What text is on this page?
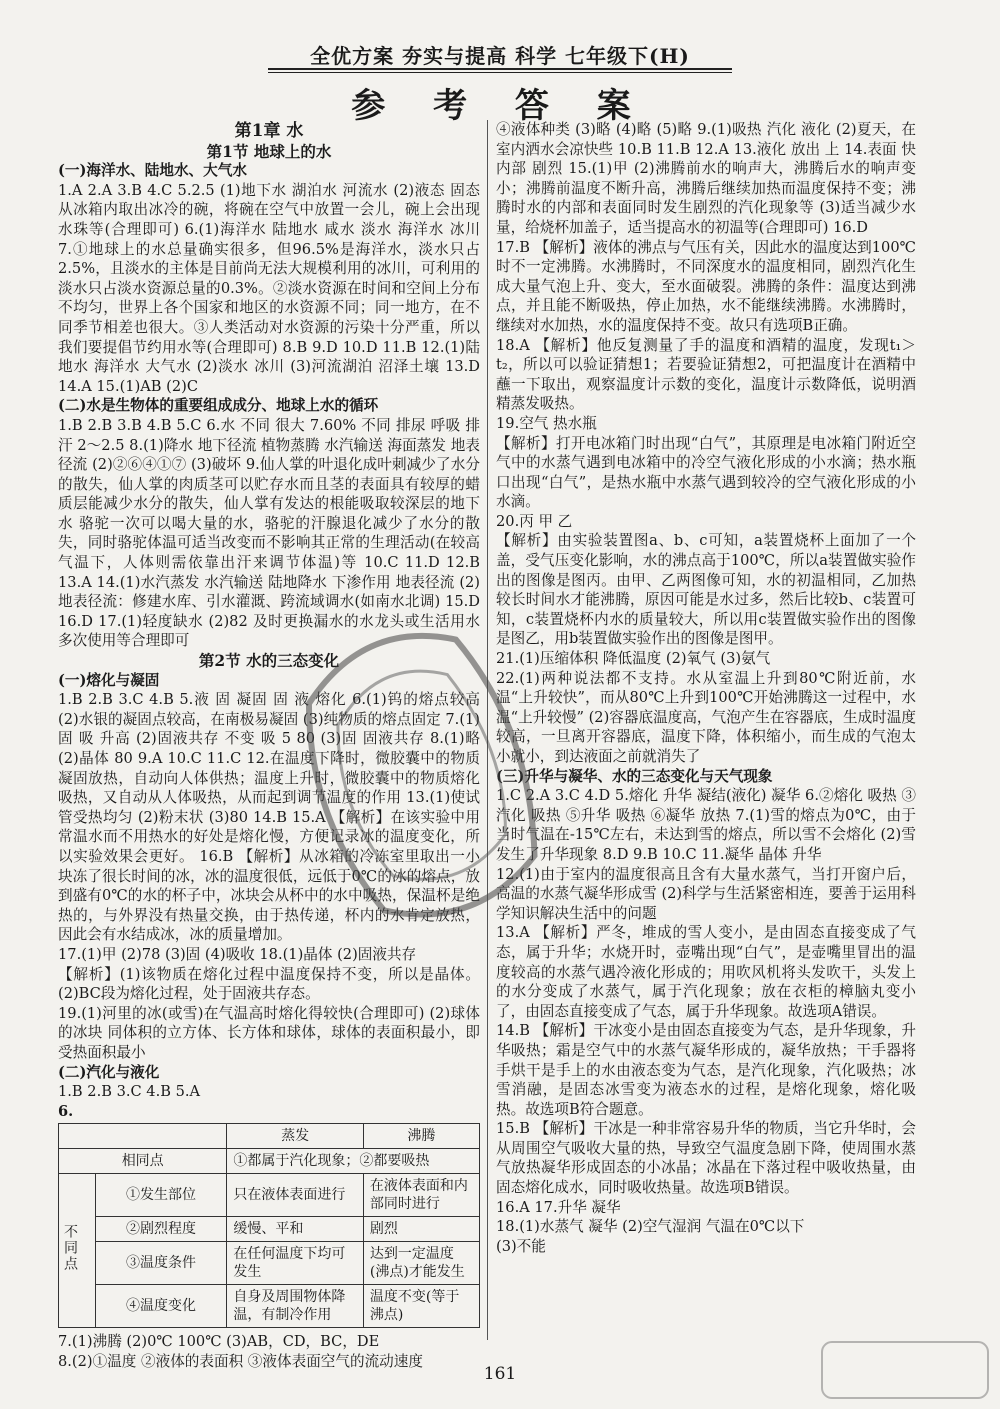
全优方案 夯实与提高 科学 七年级下(H)
参 考 答 案

第1章 水

第1节 地球上的水

(一)海洋水、陆地水、大气水

1.A 2.A 3.B 4.C 5.2.5 (1)地下水 湖泊水 河流水 (2)液态 固态 从冰箱内取出冰冷的碗，将碗在空气中放置一会儿，碗上会出现水珠等(合理即可) 6.(1)海洋水 陆地水 咸水 淡水 海洋水 冰川 7.①地球上的水总量确实很多，但96.5%是海洋水，淡水只占2.5%，且淡水的主体是目前尚无法大规模利用的冰川，可利用的淡水只占淡水资源总量的0.3%。②淡水资源在时间和空间上分布不均匀，世界上各个国家和地区的水资源不同；同一地方，在不同季节相差也很大。③人类活动对水资源的污染十分严重，所以我们要提倡节约用水等(合理即可) 8.B 9.D 10.D 11.B 12.(1)陆地水 海洋水 大气水 (2)淡水 冰川 (3)河流湖泊 沼泽土壤 13.D 14.A 15.(1)AB (2)C

(二)水是生物体的重要组成成分、地球上水的循环

1.B 2.B 3.B 4.B 5.C 6.水 不同 很大 7.60% 不同 排尿 呼吸 排汗 2～2.5 8.(1)降水 地下径流 植物蒸腾 水汽输送 海面蒸发 地表径流 (2)②⑥④①⑦ (3)破坏 9.仙人掌的叶退化成叶刺减少了水分的散失，仙人掌的肉质茎可以贮存水而且茎的表面具有较厚的蜡质层能减少水分的散失，仙人掌有发达的根能吸取较深层的地下水 骆驼一次可以喝大量的水，骆驼的汗腺退化减少了水分的散失，同时骆驼体温可适当改变而不影响其正常的生理活动(在较高气温下，人体则需依靠出汗来调节体温)等 10.C 11.D 12.B 13.A 14.(1)水汽蒸发 水汽输送 陆地降水 下渗作用 地表径流 (2)地表径流：修建水库、引水灌溉、跨流域调水(如南水北调) 15.D 16.D 17.(1)轻度缺水 (2)82 及时更换漏水的水龙头或生活用水多次使用等合理即可

第2节 水的三态变化

(一)熔化与凝固

1.B 2.B 3.C 4.B 5.液 固 凝固 固 液 熔化 6.(1)钨的熔点较高 (2)水银的凝固点较高，在南极易凝固 (3)纯物质的熔点固定 7.(1)固 吸 升高 (2)固液共存 不变 吸 5 80 (3)固 固液共存 8.(1)略 (2)晶体 80 9.A 10.C 11.C 12.在温度下降时，微胶囊中的物质凝固放热，自动向人体供热；温度上升时，微胶囊中的物质熔化吸热，又自动从人体吸热，从而起到调节温度的作用 13.(1)使试管受热均匀 (2)粉末状 (3)80 14.B 15.A 【解析】在该实验中用常温水而不用热水的好处是熔化慢，方便记录冰的温度变化，所以实验效果会更好。 16.B 【解析】从冰箱的冷冻室里取出一小块冻了很长时间的冰，冰的温度很低，远低于0℃的冰的熔点，放到盛有0℃的水的杯子中，冰块会从杯中的水中吸热，保温杯是绝热的，与外界没有热量交换，由于热传递，杯内的水肯定放热，因此会有水结成冰，冰的质量增加。

17.(1)甲 (2)78 (3)固 (4)吸收 18.(1)晶体 (2)固液共存

【解析】(1)该物质在熔化过程中温度保持不变，所以是晶体。(2)BC段为熔化过程，处于固液共存态。

19.(1)河里的冰(或雪)在气温高时熔化得较快(合理即可) (2)球体的冰块 同体积的立方体、长方体和球体，球体的表面积最小，即受热面积最小

(二)汽化与液化

1.B 2.B 3.C 4.B 5.A

6.
		蒸发	沸腾
相同点		①都属于汽化现象；②都要吸热	
不同点	①发生部位	只在液体表面进行	在液体表面和内部同时进行
	②剧烈程度	缓慢、平和	剧烈
	③温度条件	在任何温度下均可发生	达到一定温度(沸点)才能发生
	④温度变化	自身及周围物体降温，有制冷作用	温度不变(等于沸点)

7.(1)沸腾 (2)0℃ 100℃ (3)AB，CD，BC，DE

8.(2)①温度 ②液体的表面积 ③液体表面空气的流动速度

④液体种类 (3)略 (4)略 (5)略 9.(1)吸热 汽化 液化 (2)夏天，在室内洒水会凉快些 10.B 11.B 12.A 13.液化 放出 上 14.表面 快 内部 剧烈 15.(1)甲 (2)沸腾前水的响声大，沸腾后水的响声变小；沸腾前温度不断升高，沸腾后继续加热而温度保持不变；沸腾时水的内部和表面同时发生剧烈的汽化现象等 (3)适当减少水量，给烧杯加盖子，适当提高水的初温等(合理即可) 16.D

17.B 【解析】液体的沸点与气压有关，因此水的温度达到100℃时不一定沸腾。水沸腾时，不同深度水的温度相同，剧烈汽化生成大量气泡上升、变大，至水面破裂。沸腾的条件：温度达到沸点，并且能不断吸热，停止加热，水不能继续沸腾。水沸腾时，继续对水加热，水的温度保持不变。故只有选项B正确。

18.A 【解析】他反复测量了手的温度和酒精的温度，发现t₁＞t₂，所以可以验证猜想1；若要验证猜想2，可把温度计在酒精中蘸一下取出，观察温度计示数的变化，温度计示数降低，说明酒精蒸发吸热。

19.空气 热水瓶

【解析】打开电冰箱门时出现“白气”，其原理是电冰箱门附近空气中的水蒸气遇到电冰箱中的冷空气液化形成的小水滴；热水瓶口出现“白气”，是热水瓶中水蒸气遇到较冷的空气液化形成的小水滴。

20.丙 甲 乙

【解析】由实验装置图a、b、c可知，a装置烧杯上面加了一个盖，受气压变化影响，水的沸点高于100℃，所以a装置做实验作出的图像是图丙。由甲、乙两图像可知，水的初温相同，乙加热较长时间水才能沸腾，原因可能是水过多，然后比较b、c装置可知，c装置烧杯内水的质量较大，所以用c装置做实验作出的图像是图乙，用b装置做实验作出的图像是图甲。

21.(1)压缩体积 降低温度 (2)氧气 (3)氨气

22.(1)两种说法都不支持。水从室温上升到80℃附近前，水温“上升较快”，而从80℃上升到100℃开始沸腾这一过程中，水温“上升较慢” (2)容器底温度高，气泡产生在容器底，生成时温度较高，一旦离开容器底，温度下降，体积缩小，而生成的气泡太小就小，到达液面之前就消失了

(三)升华与凝华、水的三态变化与天气现象

1.C 2.A 3.C 4.D 5.熔化 升华 凝结(液化) 凝华 6.②熔化 吸热 ③汽化 吸热 ⑤升华 吸热 ⑥凝华 放热 7.(1)雪的熔点为0℃，由于当时气温在-15℃左右，未达到雪的熔点，所以雪不会熔化 (2)雪发生了升华现象 8.D 9.B 10.C 11.凝华 晶体 升华

12.(1)由于室内的温度很高且含有大量水蒸气，当打开窗户后，高温的水蒸气凝华形成雪 (2)科学与生活紧密相连，要善于运用科学知识解决生活中的问题

13.A 【解析】严冬，堆成的雪人变小，是由固态直接变成了气态，属于升华；水烧开时，壶嘴出现“白气”，是壶嘴里冒出的温度较高的水蒸气遇冷液化形成的；用吹风机将头发吹干，头发上的水分变成了水蒸气，属于汽化现象；放在衣柜的樟脑丸变小了，由固态直接变成了气态，属于升华现象。故选项A错误。

14.B 【解析】干冰变小是由固态直接变为气态，是升华现象，升华吸热；霜是空气中的水蒸气凝华形成的，凝华放热；干手器将手烘干是手上的水由液态变为气态，是汽化现象，汽化吸热；冰雪消融，是固态冰雪变为液态水的过程，是熔化现象，熔化吸热。故选项B符合题意。

15.B 【解析】干冰是一种非常容易升华的物质，当它升华时，会从周围空气吸收大量的热，导致空气温度急剧下降，使周围水蒸气放热凝华形成固态的小冰晶；冰晶在下落过程中吸收热量，由固态熔化成水，同时吸收热量。故选项B错误。

16.A 17.升华 凝华

18.(1)水蒸气 凝华 (2)空气湿润 气温在0℃以下

(3)不能

161
